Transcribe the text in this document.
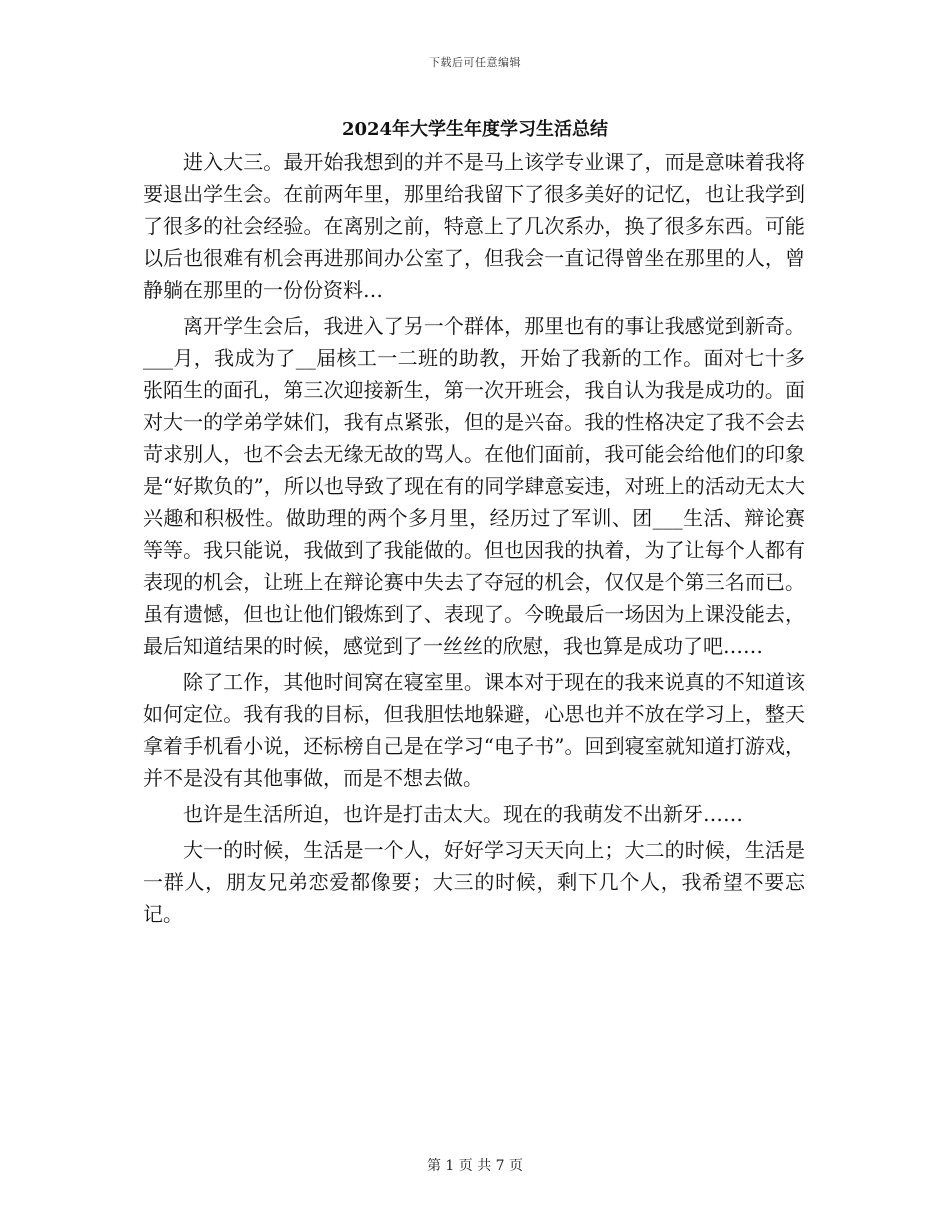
下载后可任意编辑
2024年大学生年度学习生活总结

进入大三。最开始我想到的并不是马上该学专业课了，而是意味着我将要退出学生会。在前两年里，那里给我留下了很多美好的记忆，也让我学到了很多的社会经验。在离别之前，特意上了几次系办，换了很多东西。可能以后也很难有机会再进那间办公室了，但我会一直记得曾坐在那里的人，曾静躺在那里的一份份资料…

离开学生会后，我进入了另一个群体，那里也有的事让我感觉到新奇。___月，我成为了__届核工一二班的助教，开始了我新的工作。面对七十多张陌生的面孔，第三次迎接新生，第一次开班会，我自认为我是成功的。面对大一的学弟学妹们，我有点紧张，但的是兴奋。我的性格决定了我不会去苛求别人，也不会去无缘无故的骂人。在他们面前，我可能会给他们的印象是“好欺负的”，所以也导致了现在有的同学肆意妄违，对班上的活动无太大兴趣和积极性。做助理的两个多月里，经历过了军训、团___生活、辩论赛等等。我只能说，我做到了我能做的。但也因我的执着，为了让每个人都有表现的机会，让班上在辩论赛中失去了夺冠的机会，仅仅是个第三名而已。虽有遗憾，但也让他们锻炼到了、表现了。今晚最后一场因为上课没能去，最后知道结果的时候，感觉到了一丝丝的欣慰，我也算是成功了吧……

除了工作，其他时间窝在寝室里。课本对于现在的我来说真的不知道该如何定位。我有我的目标，但我胆怯地躲避，心思也并不放在学习上，整天拿着手机看小说，还标榜自己是在学习“电子书”。回到寝室就知道打游戏，并不是没有其他事做，而是不想去做。

也许是生活所迫，也许是打击太大。现在的我萌发不出新牙……

大一的时候，生活是一个人，好好学习天天向上；大二的时候，生活是一群人，朋友兄弟恋爱都像要；大三的时候，剩下几个人，我希望不要忘记。

第 1 页 共 7 页
